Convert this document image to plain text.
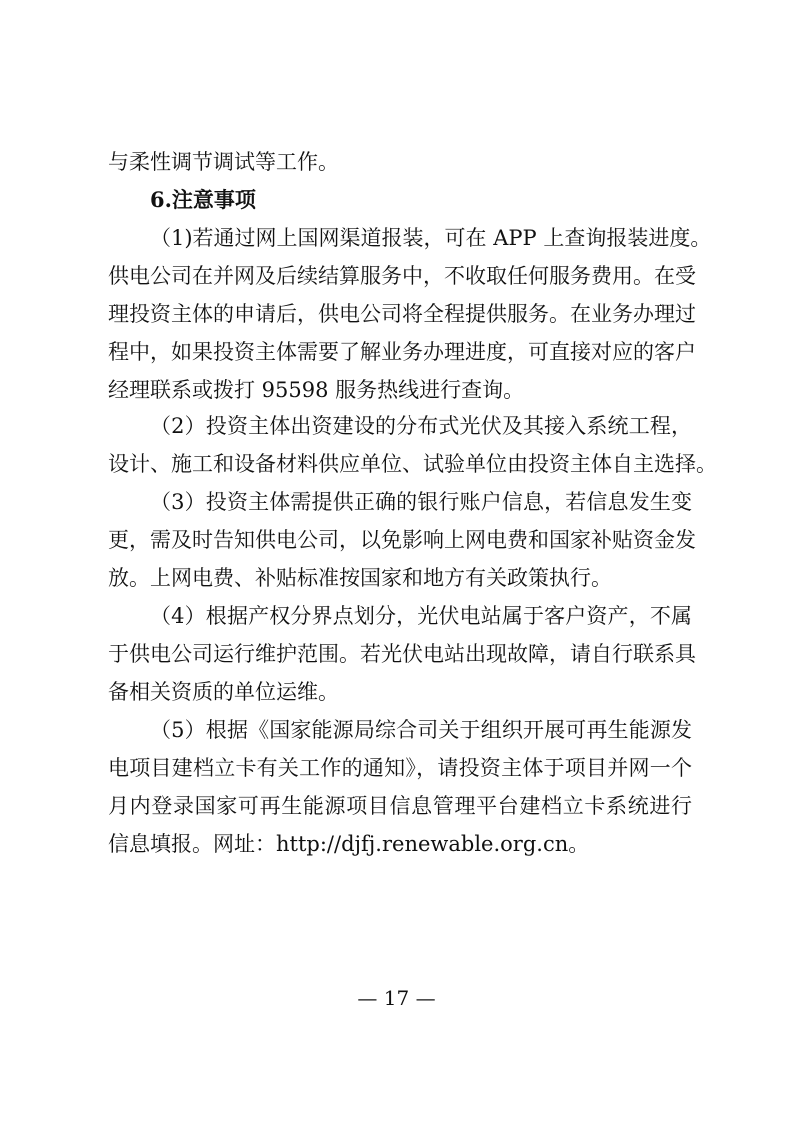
与柔性调节调试等工作。
6.注意事项
（1)若通过网上国网渠道报装，可在 APP 上查询报装进度。
供电公司在并网及后续结算服务中，不收取任何服务费用。在受
理投资主体的申请后，供电公司将全程提供服务。在业务办理过
程中，如果投资主体需要了解业务办理进度，可直接对应的客户
经理联系或拨打 95598 服务热线进行查询。
（2）投资主体出资建设的分布式光伏及其接入系统工程，
设计、施工和设备材料供应单位、试验单位由投资主体自主选择。
（3）投资主体需提供正确的银行账户信息，若信息发生变
更，需及时告知供电公司，以免影响上网电费和国家补贴资金发
放。上网电费、补贴标准按国家和地方有关政策执行。
（4）根据产权分界点划分，光伏电站属于客户资产，不属
于供电公司运行维护范围。若光伏电站出现故障，请自行联系具
备相关资质的单位运维。
（5）根据《国家能源局综合司关于组织开展可再生能源发
电项目建档立卡有关工作的通知》，请投资主体于项目并网一个
月内登录国家可再生能源项目信息管理平台建档立卡系统进行
信息填报。网址：http://djfj.renewable.org.cn。
— 17 —
